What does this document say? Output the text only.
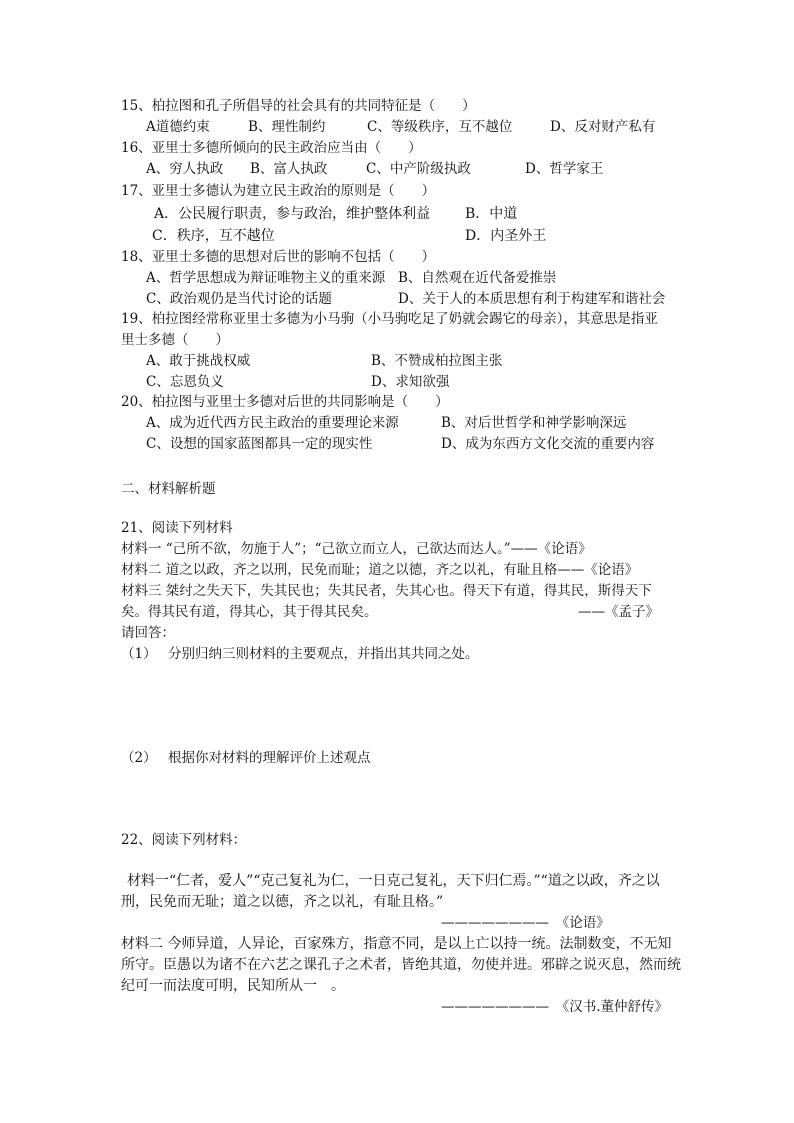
15、柏拉图和孔子所倡导的社会具有的共同特征是（　　）
A道德约束	B、理性制约	C、等级秩序，互不越位	D、反对财产私有
16、亚里士多德所倾向的民主政治应当由（　　）
A、穷人执政 B、富人执政	C、中产阶级执政	D、哲学家王
17、亚里士多德认为建立民主政治的原则是（　　）
A．公民履行职责，参与政治，维护整体利益 B．中道
C．秩序，互不越位	D．内圣外王
18、亚里士多德的思想对后世的影响不包括（　　）
A、哲学思想成为辩证唯物主义的重来源 B、自然观在近代备爱推崇
C、政治观仍是当代讨论的话题	D、关于人的本质思想有利于构建军和谐社会
19、柏拉图经常称亚里士多德为小马驹（小马驹吃足了奶就会踢它的母亲），其意思是指亚
里士多德（　　）
A、敢于挑战权威	B、不赞成柏拉图主张
C、忘恩负义	D、求知欲强
20、柏拉图与亚里士多德对后世的共同影响是（　　）
A、成为近代西方民主政治的重要理论来源	B、对后世哲学和神学影响深远
C、设想的国家蓝图都具一定的现实性	D、成为东西方文化交流的重要内容
二、材料解析题
21、阅读下列材料
材料一 “己所不欲，勿施于人”；“己欲立而立人，己欲达而达人。”——《论语》
材料二 道之以政，齐之以刑，民免而耻；道之以德，齐之以礼，有耻且格——《论语》
材料三 桀纣之失天下，失其民也；失其民者，失其心也。得天下有道，得其民，斯得天下
矣。得其民有道，得其心，其于得其民矣。	——《孟子》
请回答：
（1） 分别归纳三则材料的主要观点，并指出其共同之处。
（2） 根据你对材料的理解评价上述观点
22、阅读下列材料：
材料一“仁者，爱人”“克己复礼为仁，一日克己复礼，天下归仁焉。”“道之以政，齐之以
刑，民免而无耻；道之以德，齐之以礼，有耻且格。”
————————　《论语》
材料二 今师异道，人异论，百家殊方，指意不同，是以上亡以持一统。法制数变，不无知
所守。臣愚以为诸不在六艺之课孔子之术者，皆绝其道，勿使并进。邪辟之说灭息，然而统
纪可一而法度可明，民知所从一　。
————————　《汉书.董仲舒传》
